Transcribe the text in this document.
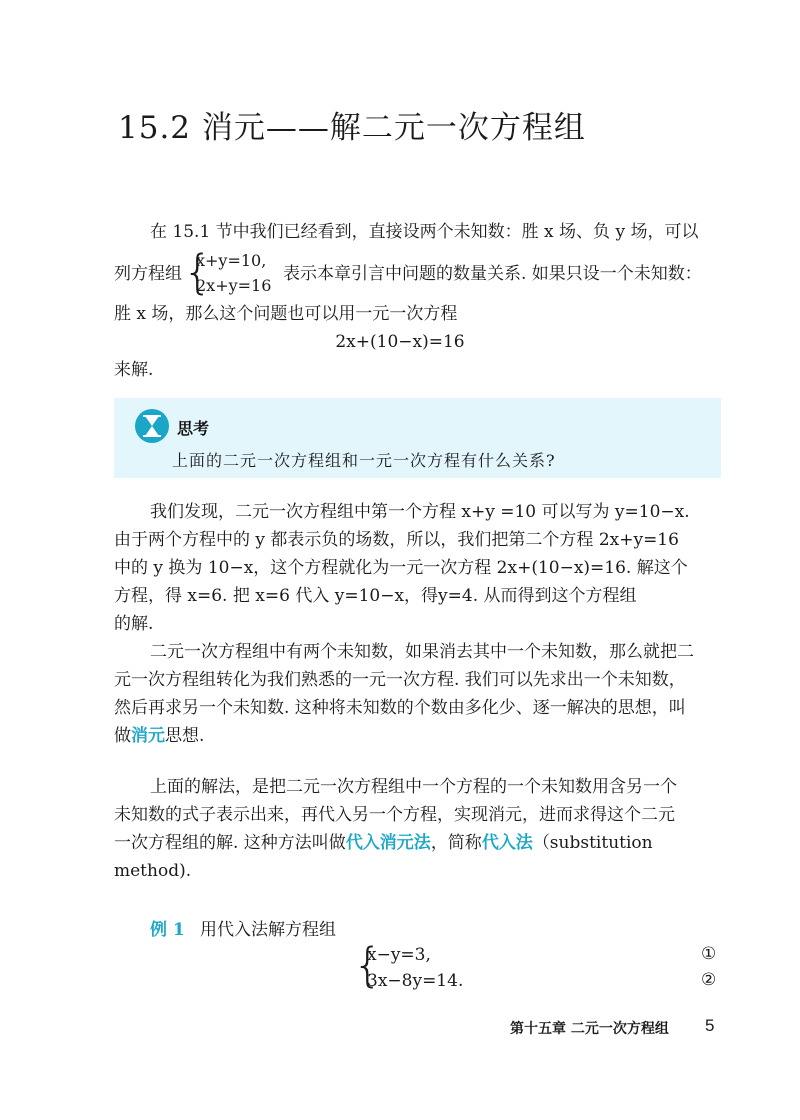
15.2 消元——解二元一次方程组
在 15.1 节中我们已经看到，直接设两个未知数：胜 x 场、负 y 场，可以
列方程组 {
x+y=10,
2x+y=16
表示本章引言中问题的数量关系. 如果只设一个未知数：
胜 x 场，那么这个问题也可以用一元一次方程
2x+(10−x)=16
来解.
思考
上面的二元一次方程组和一元一次方程有什么关系?
我们发现，二元一次方程组中第一个方程 x+y =10 可以写为 y=10−x.
由于两个方程中的 y 都表示负的场数，所以，我们把第二个方程 2x+y=16
中的 y 换为 10−x，这个方程就化为一元一次方程 2x+(10−x)=16. 解这个
方程，得 x=6. 把 x=6 代入 y=10−x，得y=4. 从而得到这个方程组
的解.
二元一次方程组中有两个未知数，如果消去其中一个未知数，那么就把二
元一次方程组转化为我们熟悉的一元一次方程. 我们可以先求出一个未知数，
然后再求另一个未知数. 这种将未知数的个数由多化少、逐一解决的思想，叫
做消元思想.
上面的解法，是把二元一次方程组中一个方程的一个未知数用含另一个
未知数的式子表示出来，再代入另一个方程，实现消元，进而求得这个二元
一次方程组的解. 这种方法叫做代入消元法，简称代入法（substitution
method).
例 1 用代入法解方程组
{
x−y=3,
3x−8y=14.
①
②
第十五章 二元一次方程组 5
